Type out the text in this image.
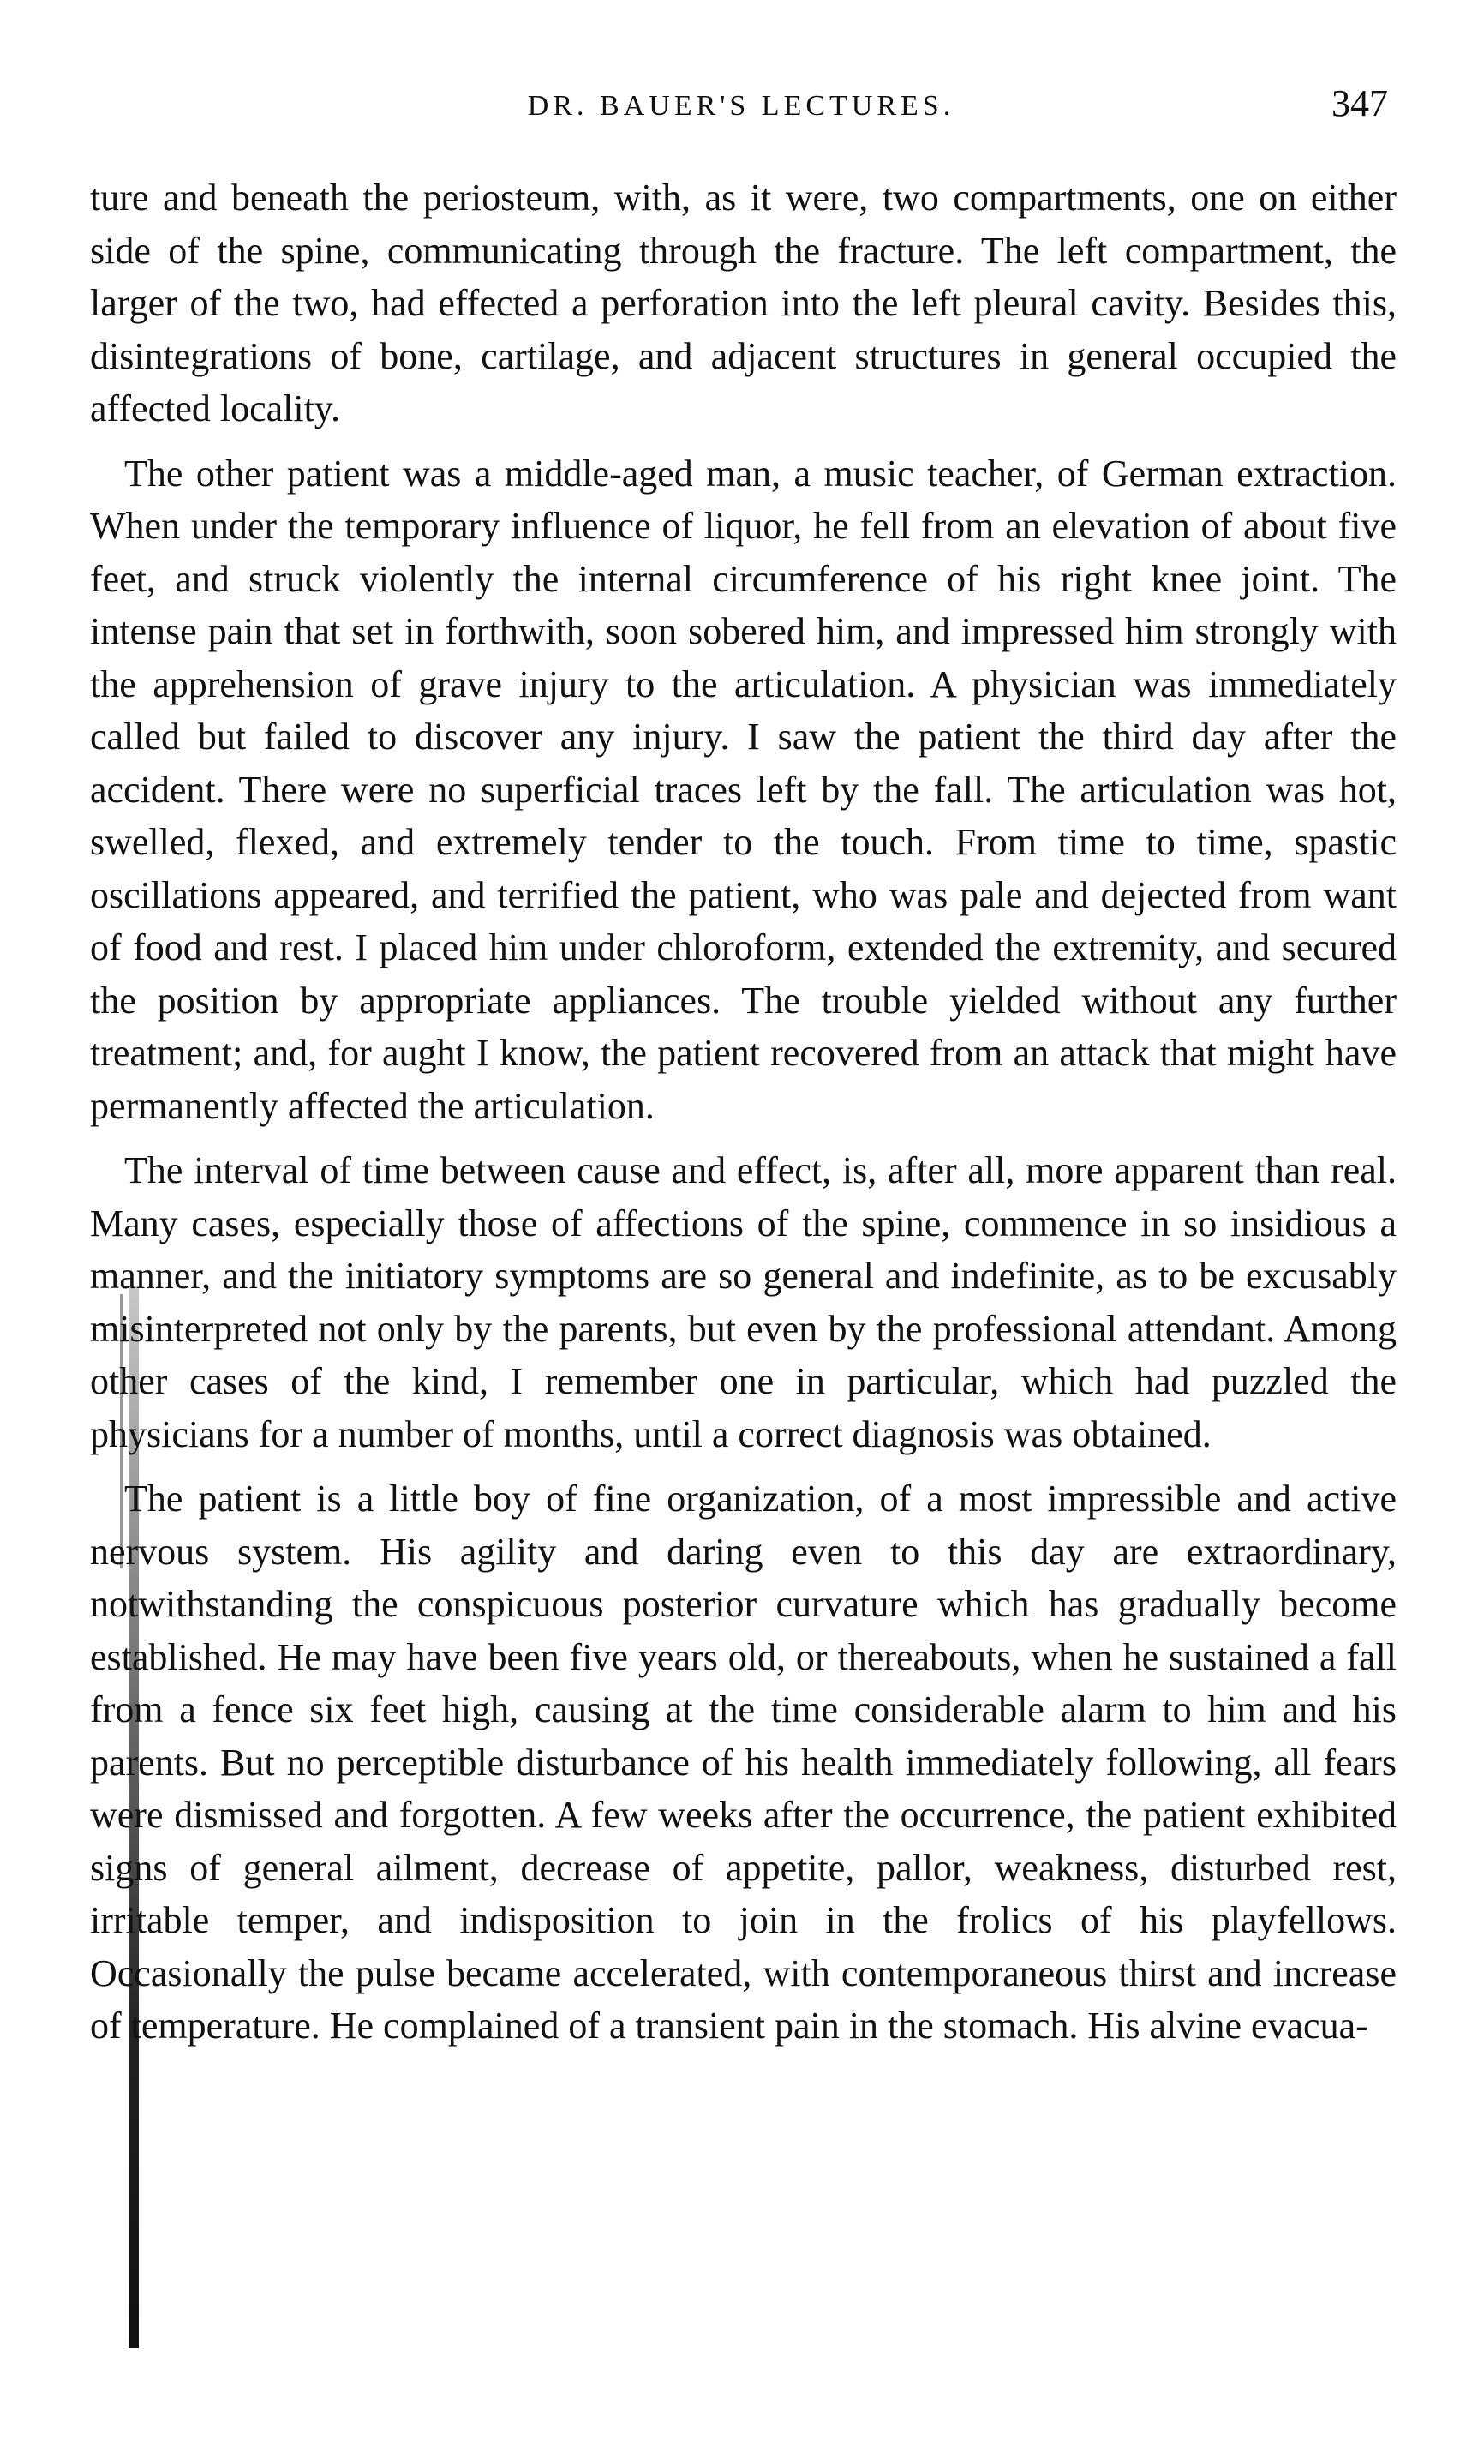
DR. BAUER'S LECTURES.	347

ture and beneath the periosteum, with, as it were, two compartments, one on either side of the spine, communicating through the fracture. The left compartment, the larger of the two, had effected a perforation into the left pleural cavity. Besides this, disintegrations of bone, cartilage, and adjacent structures in general occupied the affected locality.

The other patient was a middle-aged man, a music teacher, of German extraction. When under the temporary influence of liquor, he fell from an elevation of about five feet, and struck violently the internal circumference of his right knee joint. The intense pain that set in forthwith, soon sobered him, and impressed him strongly with the apprehension of grave injury to the articulation. A physician was immediately called but failed to discover any injury. I saw the patient the third day after the accident. There were no superficial traces left by the fall. The articulation was hot, swelled, flexed, and extremely tender to the touch. From time to time, spastic oscillations appeared, and terrified the patient, who was pale and dejected from want of food and rest. I placed him under chloroform, extended the extremity, and secured the position by appropriate appliances. The trouble yielded without any further treatment; and, for aught I know, the patient recovered from an attack that might have permanently affected the articulation.

The interval of time between cause and effect, is, after all, more apparent than real. Many cases, especially those of affections of the spine, commence in so insidious a manner, and the initiatory symptoms are so general and indefinite, as to be excusably misinterpreted not only by the parents, but even by the professional attendant. Among other cases of the kind, I remember one in particular, which had puzzled the physicians for a number of months, until a correct diagnosis was obtained.

The patient is a little boy of fine organization, of a most impressible and active nervous system. His agility and daring even to this day are extraordinary, notwithstanding the conspicuous posterior curvature which has gradually become established. He may have been five years old, or thereabouts, when he sustained a fall from a fence six feet high, causing at the time considerable alarm to him and his parents. But no perceptible disturbance of his health immediately following, all fears were dismissed and forgotten. A few weeks after the occurrence, the patient exhibited signs of general ailment, decrease of appetite, pallor, weakness, disturbed rest, irritable temper, and indisposition to join in the frolics of his playfellows. Occasionally the pulse became accelerated, with contemporaneous thirst and increase of temperature. He complained of a transient pain in the stomach. His alvine evacua-
